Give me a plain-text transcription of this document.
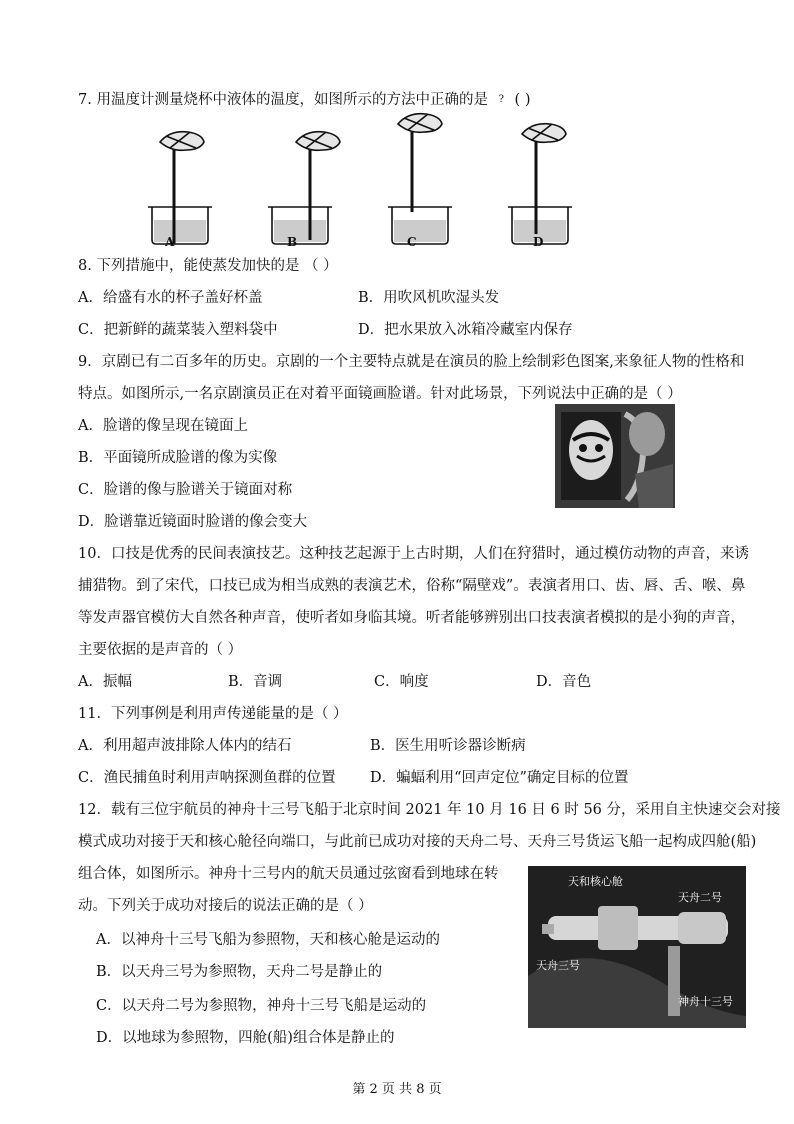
7. 用温度计测量烧杯中液体的温度，如图所示的方法中正确的是 ? ( )
A	B	C	D
8. 下列措施中，能使蒸发加快的是 （ ）
A．给盛有水的杯子盖好杯盖	B．用吹风机吹湿头发
C．把新鲜的蔬菜装入塑料袋中	D．把水果放入冰箱冷藏室内保存
9．京剧已有二百多年的历史。京剧的一个主要特点就是在演员的脸上绘制彩色图案,来象征人物的性格和
特点。如图所示,一名京剧演员正在对着平面镜画脸谱。针对此场景，下列说法中正确的是（ ）
A．脸谱的像呈现在镜面上
B．平面镜所成脸谱的像为实像
C．脸谱的像与脸谱关于镜面对称
D．脸谱靠近镜面时脸谱的像会变大
10．口技是优秀的民间表演技艺。这种技艺起源于上古时期，人们在狩猎时，通过模仿动物的声音，来诱
捕猎物。到了宋代，口技已成为相当成熟的表演艺术，俗称“隔壁戏”。表演者用口、齿、唇、舌、喉、鼻
等发声器官模仿大自然各种声音，使听者如身临其境。听者能够辨别出口技表演者模拟的是小狗的声音，
主要依据的是声音的（ ）
A．振幅	B．音调	C．响度	D．音色
11．下列事例是利用声传递能量的是（ ）
A．利用超声波排除人体内的结石	B．医生用听诊器诊断病
C．渔民捕鱼时利用声呐探测鱼群的位置 D．蝙蝠利用“回声定位”确定目标的位置
12．载有三位宇航员的神舟十三号飞船于北京时间 2021 年 10 月 16 日 6 时 56 分，采用自主快速交会对接
模式成功对接于天和核心舱径向端口，与此前已成功对接的天舟二号、天舟三号货运飞船一起构成四舱(船)
组合体，如图所示。神舟十三号内的航天员通过弦窗看到地球在转
动。下列关于成功对接后的说法正确的是（ ）
A．以神舟十三号飞船为参照物，天和核心舱是运动的
B．以天舟三号为参照物，天舟二号是静止的
C．以天舟二号为参照物，神舟十三号飞船是运动的
D．以地球为参照物，四舱(船)组合体是静止的
天和核心舱
天舟二号
天舟三号
神舟十三号
第 2 页 共 8 页
